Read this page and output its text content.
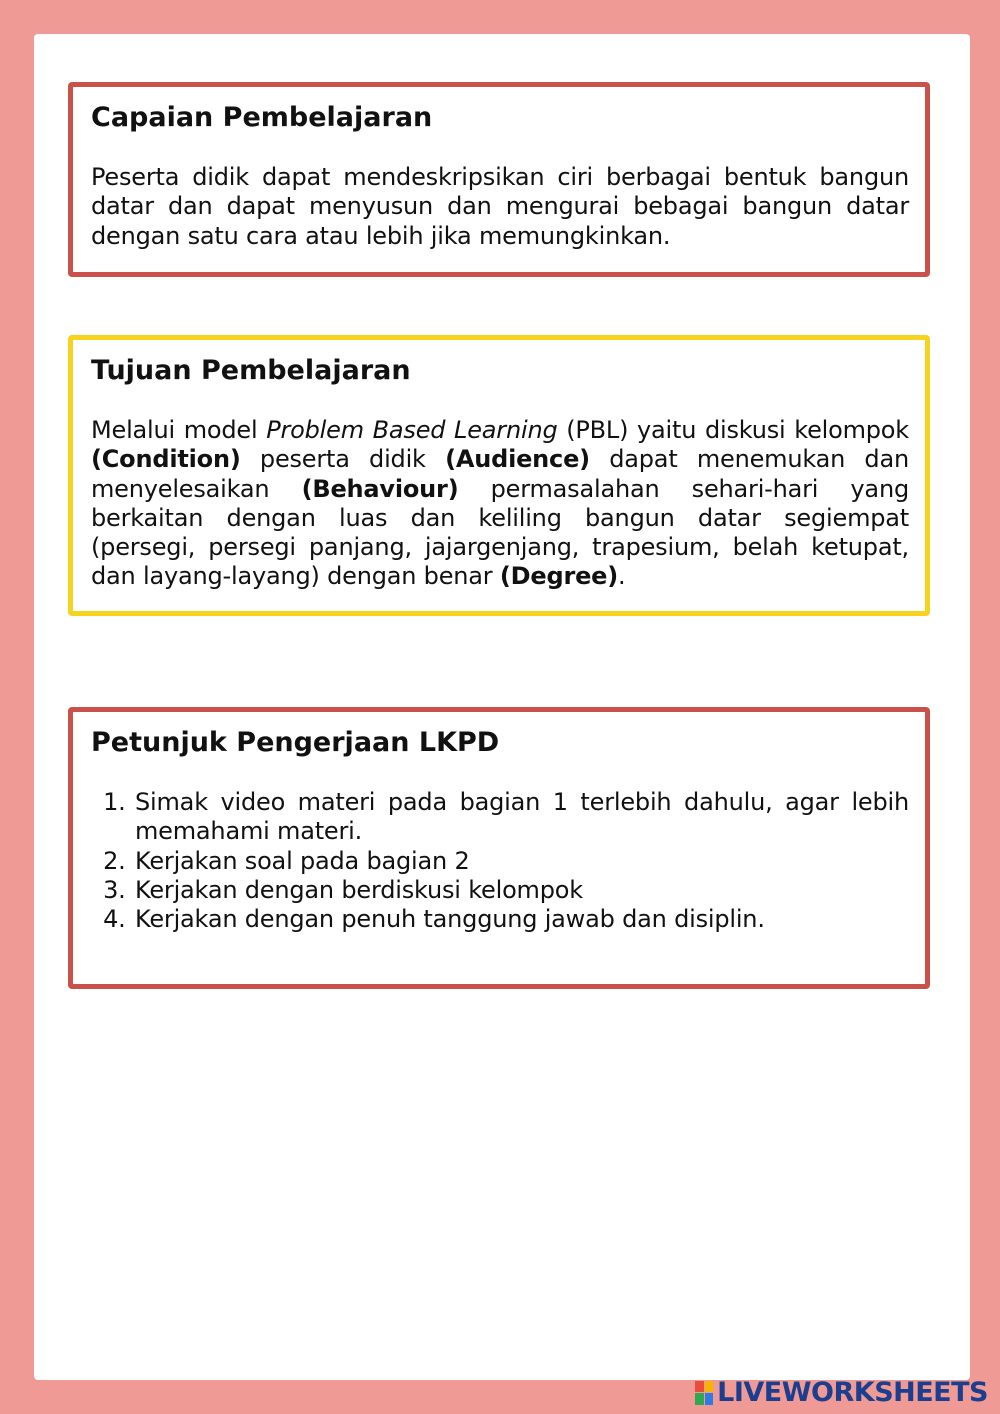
Capaian Pembelajaran

Peserta didik dapat mendeskripsikan ciri berbagai bentuk bangun datar dan dapat menyusun dan mengurai bebagai bangun datar dengan satu cara atau lebih jika memungkinkan.

Tujuan Pembelajaran

Melalui model Problem Based Learning (PBL) yaitu diskusi kelompok (Condition) peserta didik (Audience) dapat menemukan dan menyelesaikan (Behaviour) permasalahan sehari-hari yang berkaitan dengan luas dan keliling bangun datar segiempat (persegi, persegi panjang, jajargenjang, trapesium, belah ketupat, dan layang-layang) dengan benar (Degree).

Petunjuk Pengerjaan LKPD
1. Simak video materi pada bagian 1 terlebih dahulu, agar lebih memahami materi.
2. Kerjakan soal pada bagian 2
3. Kerjakan dengan berdiskusi kelompok
4. Kerjakan dengan penuh tanggung jawab dan disiplin.
LIVEWORKSHEETS
